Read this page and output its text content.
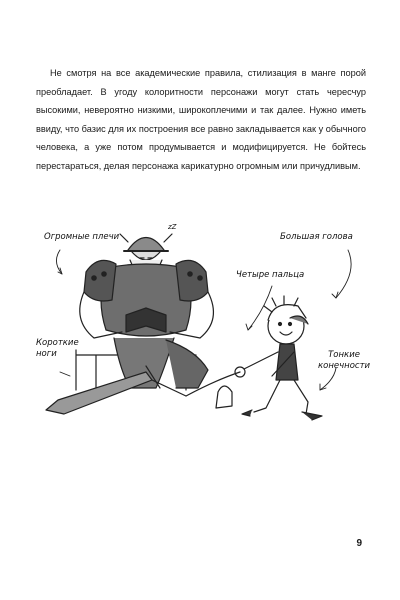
Не смотря на все академические правила, стилизация в манге порой преобладает. В угоду колоритности персонажи могут стать чересчур высокими, невероятно низкими, широкоплечими и так далее. Нужно иметь ввиду, что базис для их построения все равно закладывается как у обычного человека, а уже потом продумывается и модифицируется. Не бойтесь перестараться, делая персонажа карикатурно огромным или причудливым.

Огромные плечи
zZ
Большая голова
Четыре пальца
Короткие
ноги	Тонкие
конечности
9
